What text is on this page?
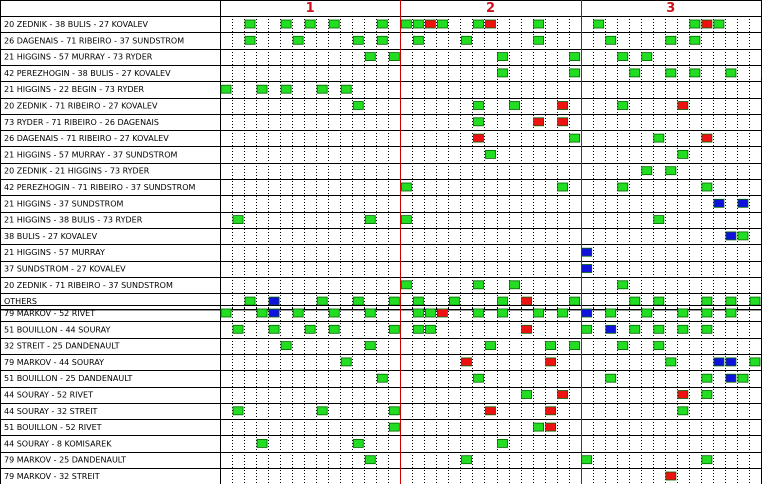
1	2	3
20 ZEDNIK - 38 BULIS - 27 KOVALEV
26 DAGENAIS - 71 RIBEIRO - 37 SUNDSTROM
21 HIGGINS - 57 MURRAY - 73 RYDER
42 PEREZHOGIN - 38 BULIS - 27 KOVALEV
21 HIGGINS - 22 BEGIN - 73 RYDER
20 ZEDNIK - 71 RIBEIRO - 27 KOVALEV
73 RYDER - 71 RIBEIRO - 26 DAGENAIS
26 DAGENAIS - 71 RIBEIRO - 27 KOVALEV
21 HIGGINS - 57 MURRAY - 37 SUNDSTROM
20 ZEDNIK - 21 HIGGINS - 73 RYDER
42 PEREZHOGIN - 71 RIBEIRO - 37 SUNDSTROM
21 HIGGINS - 37 SUNDSTROM
21 HIGGINS - 38 BULIS - 73 RYDER
38 BULIS - 27 KOVALEV
21 HIGGINS - 57 MURRAY
37 SUNDSTROM - 27 KOVALEV
20 ZEDNIK - 71 RIBEIRO - 37 SUNDSTROM
OTHERS
79 MARKOV - 52 RIVET
51 BOUILLON - 44 SOURAY
32 STREIT - 25 DANDENAULT
79 MARKOV - 44 SOURAY
51 BOUILLON - 25 DANDENAULT
44 SOURAY - 52 RIVET
44 SOURAY - 32 STREIT
51 BOUILLON - 52 RIVET
44 SOURAY - 8 KOMISAREK
79 MARKOV - 25 DANDENAULT
79 MARKOV - 32 STREIT
